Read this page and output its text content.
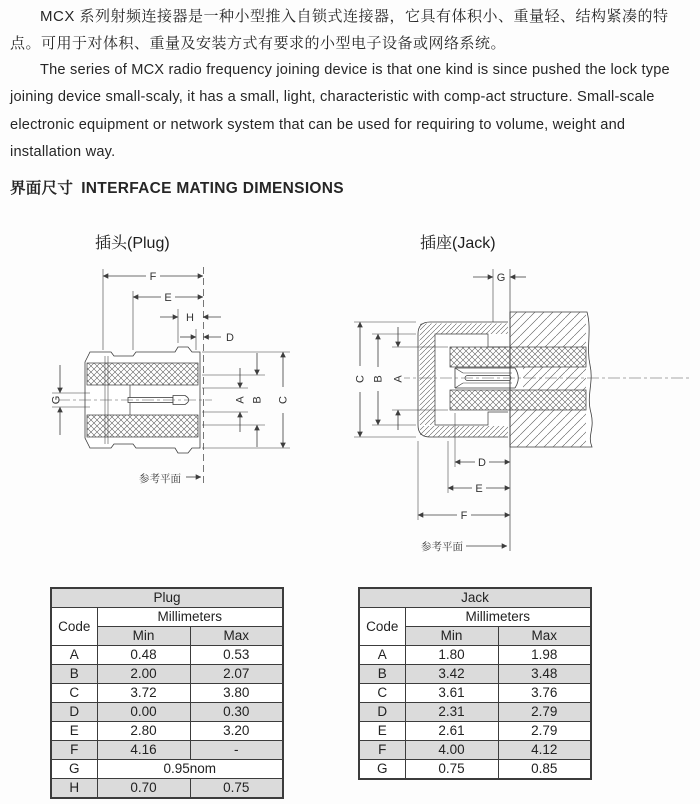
MCX 系列射频连接器是一种小型推入自锁式连接器，它具有体积小、重量轻、结构紧凑的特点。可用于对体积、重量及安装方式有要求的小型电子设备或网络系统。

The series of MCX radio frequency joining device is that one kind is since pushed the lock type joining device small-scaly, it has a small, light, characteristic with comp-act structure. Small-scale electronic equipment or network system that can be used for requiring to volume, weight and installation way.

界面尺寸 INTERFACE MATING DIMENSIONS
插头(Plug)	插座(Jack)
F
E
H
D
G	A B C
参考平面
G
C B A
D
E
F
参考平面
Plug		
Code	Millimeters	
	Min	Max
A	0.48	0.53
B	2.00	2.07
C	3.72	3.80
D	0.00	0.30
E	2.80	3.20
F	4.16	-
G	0.95nom	
H	0.70	0.75
Jack		
Code	Millimeters	
	Min	Max
A	1.80	1.98
B	3.42	3.48
C	3.61	3.76
D	2.31	2.79
E	2.61	2.79
F	4.00	4.12
G	0.75	0.85
